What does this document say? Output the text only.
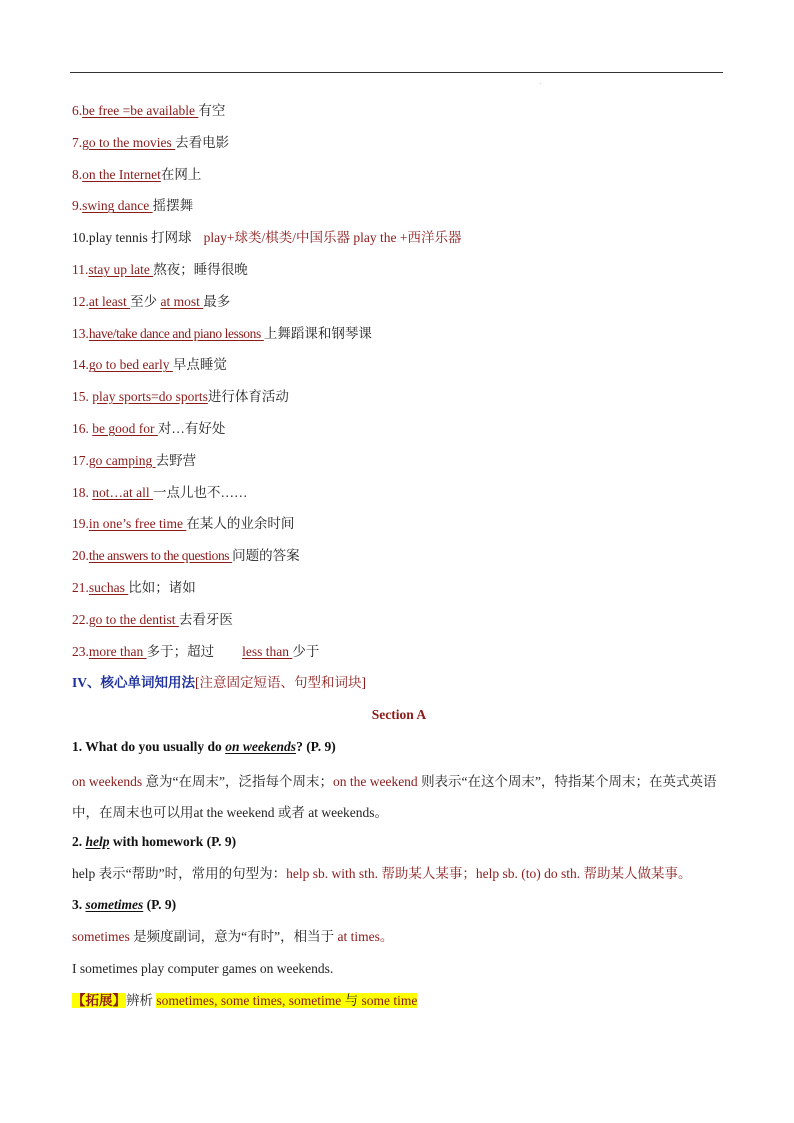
.
6.be free =be available 有空
7.go to the movies 去看电影
8.on the Internet在网上
9.swing dance 摇摆舞
10.play tennis 打网球 play+球类/棋类/中国乐器 play the +西洋乐器
11.stay up late 熬夜；睡得很晚
12.at least 至少 at most 最多
13.have/take dance and piano lessons 上舞蹈课和钢琴课
14.go to bed early 早点睡觉
15. play sports=do sports进行体育活动
16. be good for 对…有好处
17.go camping 去野营
18. not…at all 一点儿也不……
19.in one’s free time 在某人的业余时间
20.the answers to the questions 问题的答案
21.suchas 比如；诸如
22.go to the dentist 去看牙医
23.more than 多于；超过 less than 少于
IV、核心单词知用法[注意固定短语、句型和词块]
Section A
1. What do you usually do on weekends? (P. 9)
on weekends 意为“在周末”，泛指每个周末；on the weekend 则表示“在这个周末”，特指某个周末；在英式英语中，在周末也可以用at the weekend 或者 at weekends。
2. help with homework (P. 9)
help 表示“帮助”时，常用的句型为：help sb. with sth. 帮助某人某事；help sb. (to) do sth. 帮助某人做某事。
3. sometimes (P. 9)
sometimes 是频度副词，意为“有时”，相当于 at times。
I sometimes play computer games on weekends.
【拓展】辨析 sometimes, some times, sometime 与 some time
